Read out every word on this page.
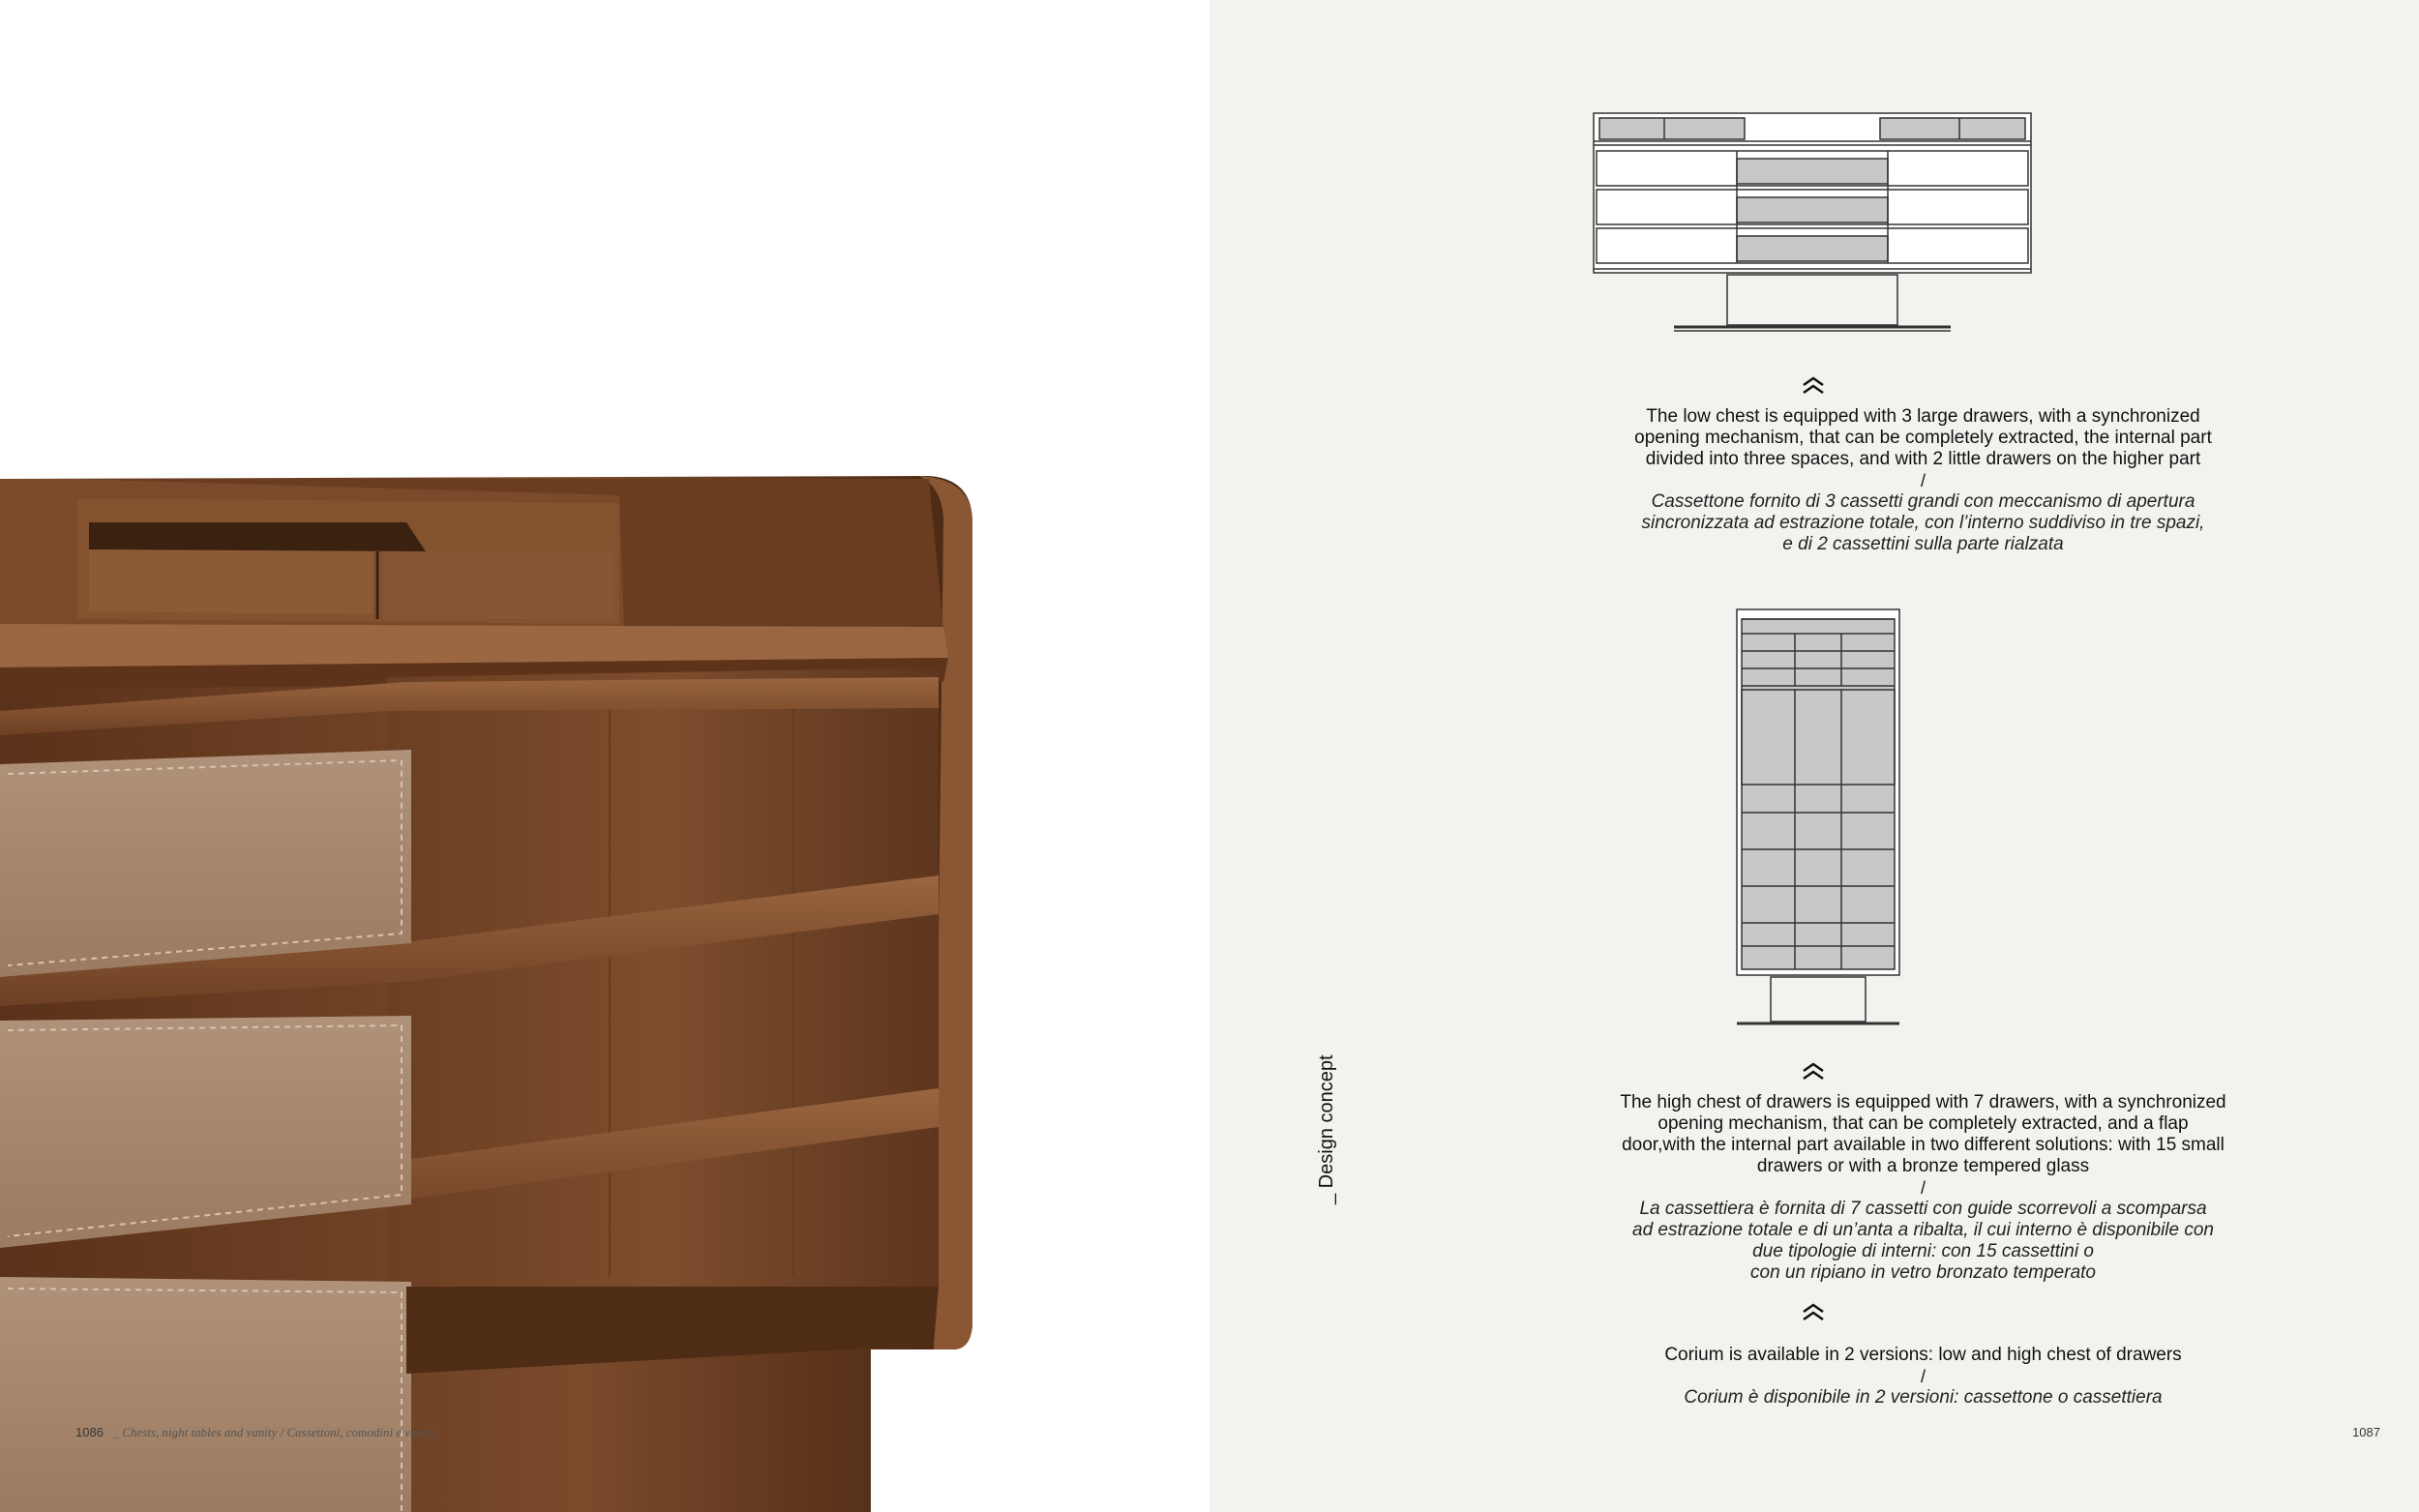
1086 _ Chests, night tables and vanity / Cassettoni, comodini e vanity
The low chest is equipped with 3 large drawers, with a synchronized
opening mechanism, that can be completely extracted, the internal part
divided into three spaces, and with 2 little drawers on the higher part
/
Cassettone fornito di 3 cassetti grandi con meccanismo di apertura
sincronizzata ad estrazione totale, con l’interno suddiviso in tre spazi,
e di 2 cassettini sulla parte rialzata
The high chest of drawers is equipped with 7 drawers, with a synchronized
opening mechanism, that can be completely extracted, and a flap
door,with the internal part available in two different solutions: with 15 small
drawers or with a bronze tempered glass
/
La cassettiera è fornita di 7 cassetti con guide scorrevoli a scomparsa
ad estrazione totale e di un’anta a ribalta, il cui interno è disponibile con
due tipologie di interni: con 15 cassettini o
con un ripiano in vetro bronzato temperato
Corium is available in 2 versions: low and high chest of drawers
/
Corium è disponibile in 2 versioni: cassettone o cassettiera
_ Design concept
1087
